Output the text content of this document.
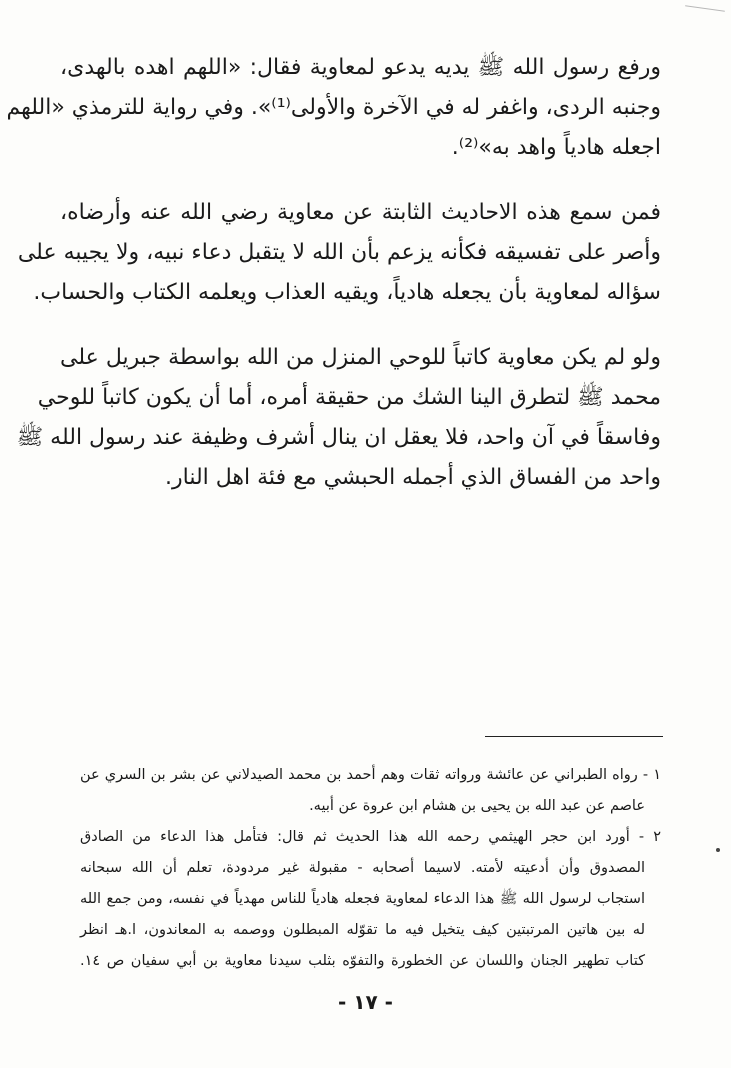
ورفع رسول الله ﷺ يديه يدعو لمعاوية فقال: «اللهم اهده بالهدى،
وجنبه الردى، واغفر له في الآخرة والأولى⁽¹⁾». وفي رواية للترمذي «اللهم
اجعله هادياً واهد به»⁽²⁾.
فمن سمع هذه الاحاديث الثابتة عن معاوية رضي الله عنه وأرضاه،
وأصر على تفسيقه فكأنه يزعم بأن الله لا يتقبل دعاء نبيه، ولا يجيبه على
سؤاله لمعاوية بأن يجعله هادياً، ويقيه العذاب ويعلمه الكتاب والحساب.
ولو لم يكن معاوية كاتباً للوحي المنزل من الله بواسطة جبريل على
محمد ﷺ لتطرق الينا الشك من حقيقة أمره، أما أن يكون كاتباً للوحي
وفاسقاً في آن واحد، فلا يعقل ان ينال أشرف وظيفة عند رسول الله ﷺ
واحد من الفساق الذي أجمله الحبشي مع فئة اهل النار.
١ - رواه الطبراني عن عائشة ورواته ثقات وهم أحمد بن محمد الصيدلاني عن بشر بن السري عن
عاصم عن عبد الله بن يحيى بن هشام ابن عروة عن أبيه.
٢ - أورد ابن حجر الهيثمي رحمه الله هذا الحديث ثم قال: فتأمل هذا الدعاء من الصادق
المصدوق وأن أدعيته لأمته. لاسيما أصحابه - مقبولة غير مردودة، تعلم أن الله سبحانه
استجاب لرسول الله ﷺ هذا الدعاء لمعاوية فجعله هادياً للناس مهدياً في نفسه، ومن جمع الله
له بين هاتين المرتبتين كيف يتخيل فيه ما تقوّله المبطلون ووصمه به المعاندون، ا.هـ انظر
كتاب تطهير الجنان واللسان عن الخطورة والتفوّه بثلب سيدنا معاوية بن أبي سفيان ص ١٤.
- ١٧ -
